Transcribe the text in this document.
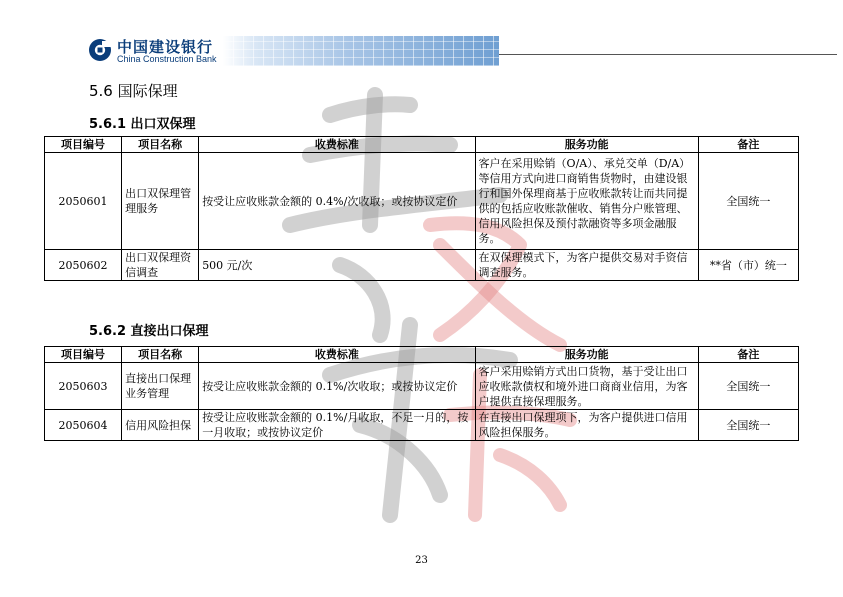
中国建设银行
China Construction Bank
5.6 国际保理
5.6.1 出口双保理
项目编号	项目名称	收费标准	服务功能	备注
2050601	出口双保理管理服务	按受让应收账款金额的 0.4%/次收取；或按协议定价	客户在采用赊销（O/A）、承兑交单（D/A）等信用方式向进口商销售货物时，由建设银行和国外保理商基于应收账款转让而共同提供的包括应收账款催收、销售分户账管理、信用风险担保及预付款融资等多项金融服务。	全国统一
2050602	出口双保理资信调查	500 元/次	在双保理模式下，为客户提供交易对手资信调查服务。	**省（市）统一
5.6.2 直接出口保理
项目编号	项目名称	收费标准	服务功能	备注
2050603	直接出口保理业务管理	按受让应收账款金额的 0.1%/次收取；或按协议定价	客户采用赊销方式出口货物，基于受让出口应收账款债权和境外进口商商业信用，为客户提供直接保理服务。	全国统一
2050604	信用风险担保	按受让应收账款金额的 0.1%/月收取，不足一月的，按一月收取；或按协议定价	在直接出口保理项下，为客户提供进口信用风险担保服务。	全国统一
23
